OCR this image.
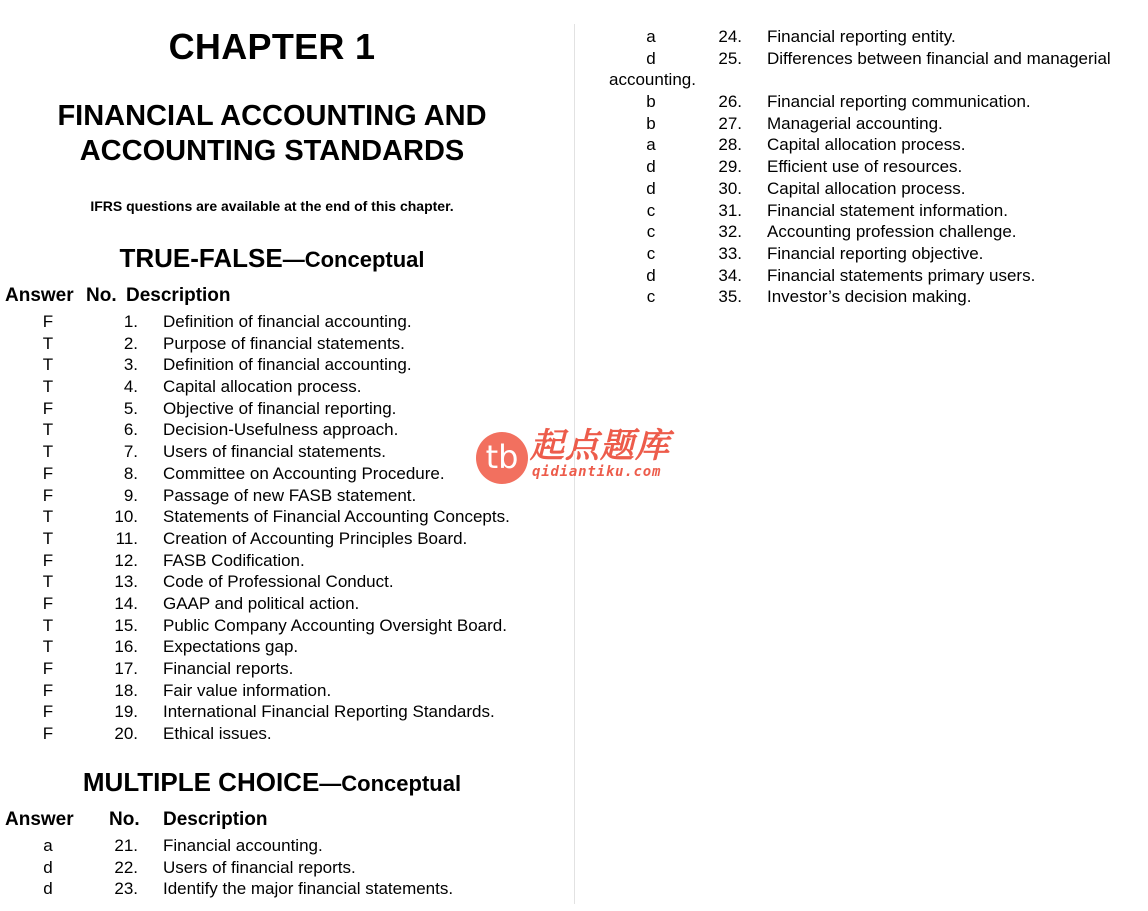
CHAPTER 1
FINANCIAL ACCOUNTING AND
ACCOUNTING STANDARDS
IFRS questions are available at the end of this chapter.
TRUE-FALSE—Conceptual
Answer No. Description
F	1. Definition of financial accounting.
T	2. Purpose of financial statements.
T	3. Definition of financial accounting.
T	4. Capital allocation process.
F	5. Objective of financial reporting.
T	6. Decision-Usefulness approach.
T	7. Users of financial statements.
F	8. Committee on Accounting Procedure.
F	9. Passage of new FASB statement.
T	10. Statements of Financial Accounting Concepts.
T	11. Creation of Accounting Principles Board.
F	12. FASB Codification.
T	13. Code of Professional Conduct.
F	14. GAAP and political action.
T	15. Public Company Accounting Oversight Board.
T	16. Expectations gap.
F	17. Financial reports.
F	18. Fair value information.
F	19. International Financial Reporting Standards.
F	20. Ethical issues.
MULTIPLE CHOICE—Conceptual
Answer No. Description
a	21. Financial accounting.
d	22. Users of financial reports.
d	23. Identify the major financial statements.
a	24. Financial reporting entity.
d	25. Differences between financial and managerial
accounting.
b	26. Financial reporting communication.
b	27. Managerial accounting.
a	28. Capital allocation process.
d	29. Efficient use of resources.
d	30. Capital allocation process.
c	31. Financial statement information.
c	32. Accounting profession challenge.
c	33. Financial reporting objective.
d	34. Financial statements primary users.
c	35. Investor’s decision making.
tb 起点题库
qidiantiku.com
